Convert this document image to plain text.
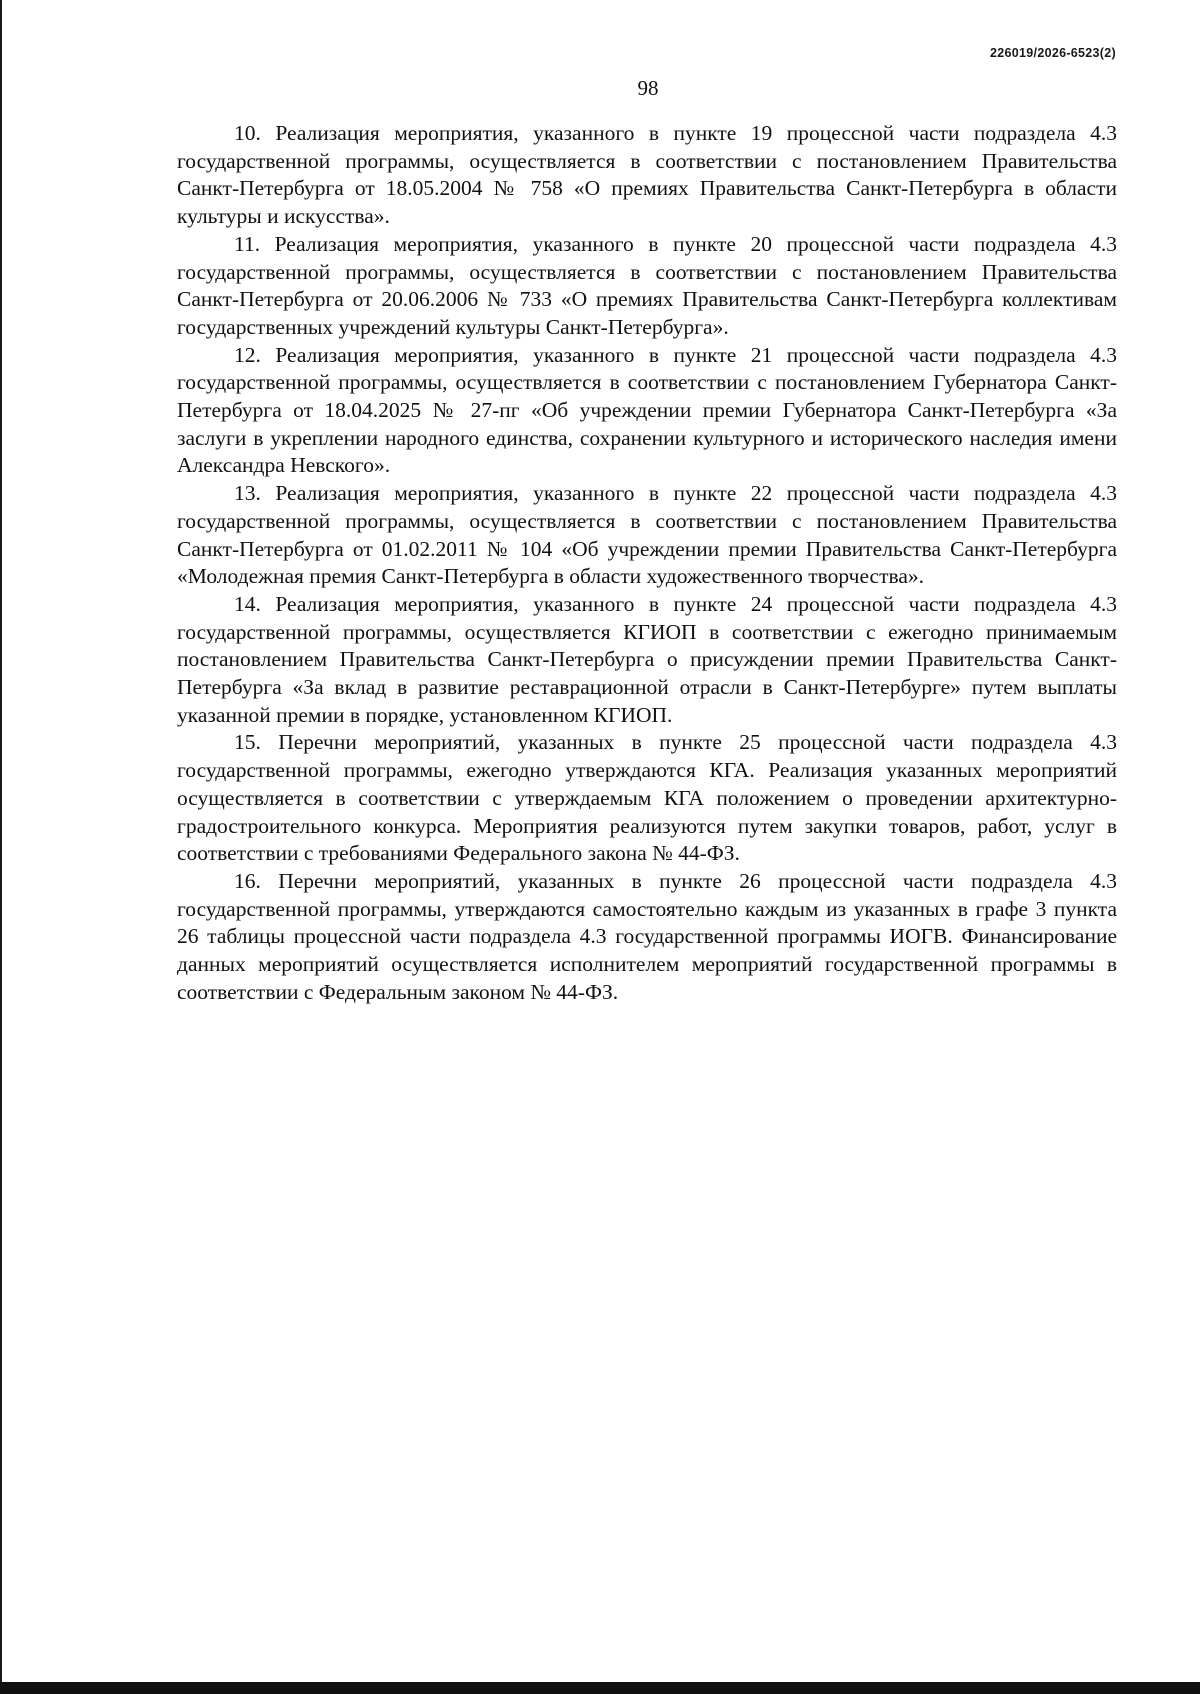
226019/2026-6523(2)
98

10. Реализация мероприятия, указанного в пункте 19 процессной части подраздела 4.3 государственной программы, осуществляется в соответствии с постановлением Правительства Санкт-Петербурга от 18.05.2004 № 758 «О премиях Правительства Санкт-Петербурга в области культуры и искусства».

11. Реализация мероприятия, указанного в пункте 20 процессной части подраздела 4.3 государственной программы, осуществляется в соответствии с постановлением Правительства Санкт-Петербурга от 20.06.2006 № 733 «О премиях Правительства Санкт-Петербурга коллективам государственных учреждений культуры Санкт-Петербурга».

12. Реализация мероприятия, указанного в пункте 21 процессной части подраздела 4.3 государственной программы, осуществляется в соответствии с постановлением Губернатора Санкт-Петербурга от 18.04.2025 № 27-пг «Об учреждении премии Губернатора Санкт-Петербурга «За заслуги в укреплении народного единства, сохранении культурного и исторического наследия имени Александра Невского».

13. Реализация мероприятия, указанного в пункте 22 процессной части подраздела 4.3 государственной программы, осуществляется в соответствии с постановлением Правительства Санкт-Петербурга от 01.02.2011 № 104 «Об учреждении премии Правительства Санкт-Петербурга «Молодежная премия Санкт-Петербурга в области художественного творчества».

14. Реализация мероприятия, указанного в пункте 24 процессной части подраздела 4.3 государственной программы, осуществляется КГИОП в соответствии с ежегодно принимаемым постановлением Правительства Санкт-Петербурга о присуждении премии Правительства Санкт-Петербурга «За вклад в развитие реставрационной отрасли в Санкт-Петербурге» путем выплаты указанной премии в порядке, установленном КГИОП.

15. Перечни мероприятий, указанных в пункте 25 процессной части подраздела 4.3 государственной программы, ежегодно утверждаются КГА. Реализация указанных мероприятий осуществляется в соответствии с утверждаемым КГА положением о проведении архитектурно-градостроительного конкурса. Мероприятия реализуются путем закупки товаров, работ, услуг в соответствии с требованиями Федерального закона № 44-ФЗ.

16. Перечни мероприятий, указанных в пункте 26 процессной части подраздела 4.3 государственной программы, утверждаются самостоятельно каждым из указанных в графе 3 пункта 26 таблицы процессной части подраздела 4.3 государственной программы ИОГВ. Финансирование данных мероприятий осуществляется исполнителем мероприятий государственной программы в соответствии с Федеральным законом № 44-ФЗ.
